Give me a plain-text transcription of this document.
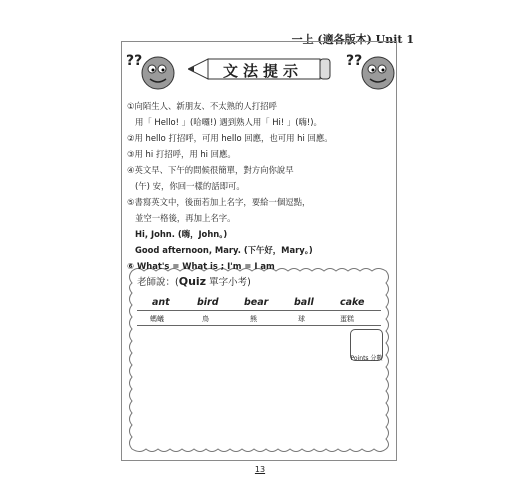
一上 (適各版本) Unit 1
文法提示
??	??
①向陌生人、新朋友、不太熟的人打招呼
用「 Hello! 」(哈囉!) 遇到熟人用「 Hi! 」(嗨!)。
②用 hello 打招呼，可用 hello 回應，也可用 hi 回應。
③用 hi 打招呼，用 hi 回應。
④英文早、下午的問候很簡單，對方向你說早
(午) 安，你回一樣的話即可。
⑤書寫英文中，後面若加上名字，要給一個逗點，
並空一格後，再加上名字。
Hi, John. (嗨，John。)
Good afternoon, Mary. (下午好，Mary。)
⑥ What's = What is ; I'm = I am
老師說：(Quiz 單字小考)
ant	bird	bear	ball	cake
螞蟻	鳥	熊	球	蛋糕
Points 分數
13
